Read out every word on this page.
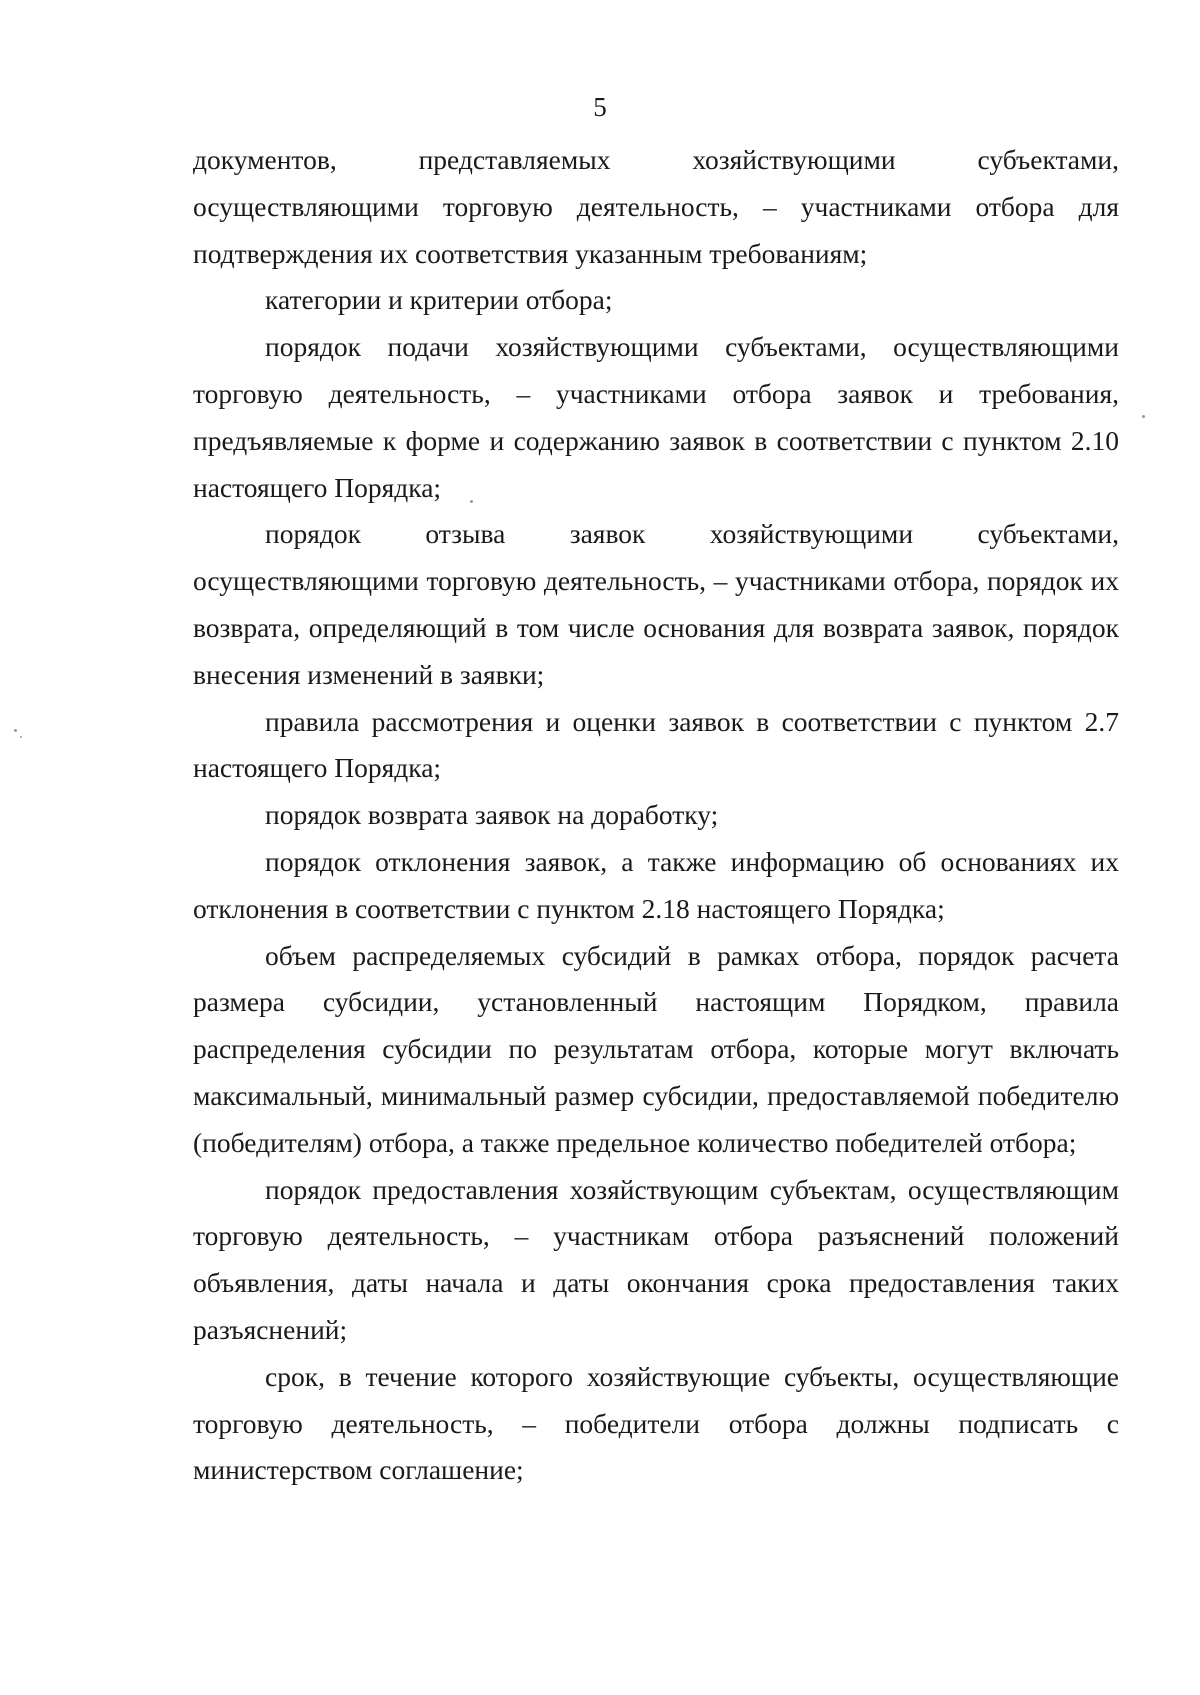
5

документов, представляемых хозяйствующими субъектами, осуществляющими торговую деятельность, – участниками отбора для подтверждения их соответствия указанным требованиям;

категории и критерии отбора;

порядок подачи хозяйствующими субъектами, осуществляющими торговую деятельность, – участниками отбора заявок и требования, предъявляемые к форме и содержанию заявок в соответствии с пунктом 2.10 настоящего Порядка;

порядок отзыва заявок хозяйствующими субъектами, осуществляющими торговую деятельность, – участниками отбора, порядок их возврата, определяющий в том числе основания для возврата заявок, порядок внесения изменений в заявки;

правила рассмотрения и оценки заявок в соответствии с пунктом 2.7 настоящего Порядка;

порядок возврата заявок на доработку;

порядок отклонения заявок, а также информацию об основаниях их отклонения в соответствии с пунктом 2.18 настоящего Порядка;

объем распределяемых субсидий в рамках отбора, порядок расчета размера субсидии, установленный настоящим Порядком, правила распределения субсидии по результатам отбора, которые могут включать максимальный, минимальный размер субсидии, предоставляемой победителю (победителям) отбора, а также предельное количество победителей отбора;

порядок предоставления хозяйствующим субъектам, осуществляющим торговую деятельность, – участникам отбора разъяснений положений объявления, даты начала и даты окончания срока предоставления таких разъяснений;

срок, в течение которого хозяйствующие субъекты, осуществляющие торговую деятельность, – победители отбора должны подписать с министерством соглашение;
